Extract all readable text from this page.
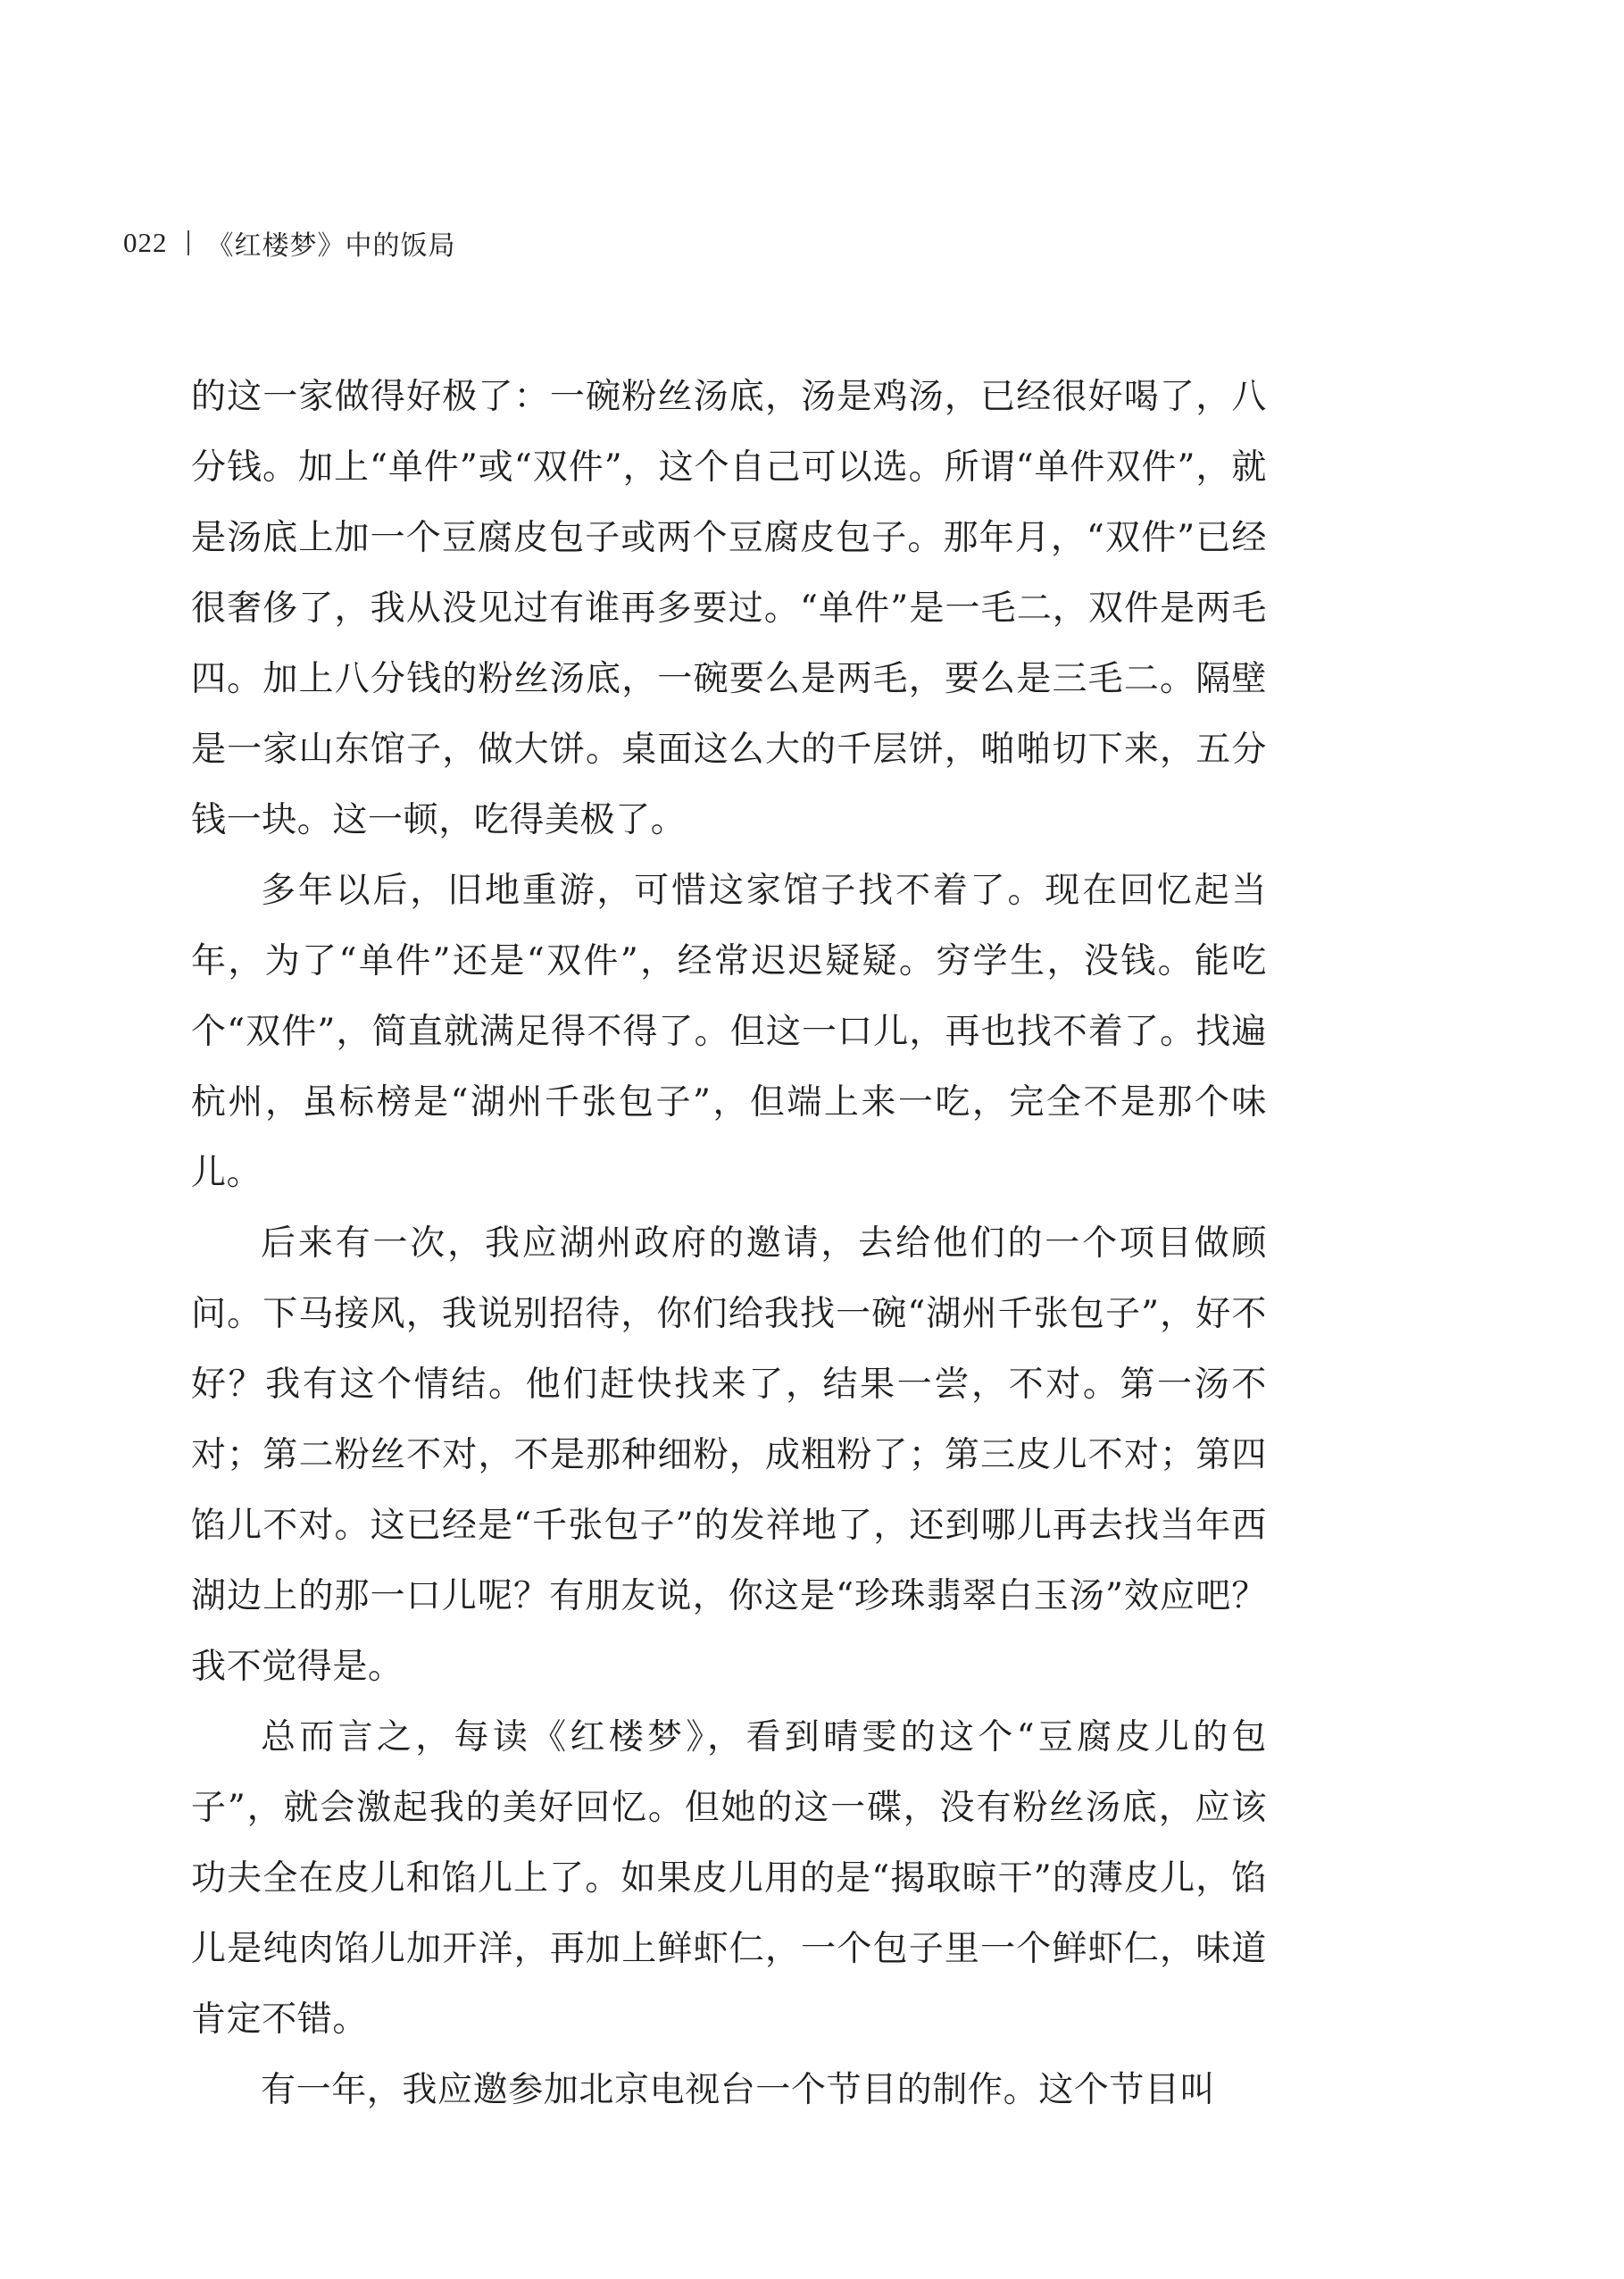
022 《红楼梦》中的饭局

的这一家做得好极了：一碗粉丝汤底，汤是鸡汤，已经很好喝了，八分钱。加上“单件”或“双件”，这个自己可以选。所谓“单件双件”，就是汤底上加一个豆腐皮包子或两个豆腐皮包子。那年月，“双件”已经很奢侈了，我从没见过有谁再多要过。“单件”是一毛二，双件是两毛四。加上八分钱的粉丝汤底，一碗要么是两毛，要么是三毛二。隔壁是一家山东馆子，做大饼。桌面这么大的千层饼，啪啪切下来，五分钱一块。这一顿，吃得美极了。

多年以后，旧地重游，可惜这家馆子找不着了。现在回忆起当年，为了“单件”还是“双件”，经常迟迟疑疑。穷学生，没钱。能吃个“双件”，简直就满足得不得了。但这一口儿，再也找不着了。找遍杭州，虽标榜是“湖州千张包子”，但端上来一吃，完全不是那个味儿。

后来有一次，我应湖州政府的邀请，去给他们的一个项目做顾问。下马接风，我说别招待，你们给我找一碗“湖州千张包子”，好不好？我有这个情结。他们赶快找来了，结果一尝，不对。第一汤不对；第二粉丝不对，不是那种细粉，成粗粉了；第三皮儿不对；第四馅儿不对。这已经是“千张包子”的发祥地了，还到哪儿再去找当年西湖边上的那一口儿呢？有朋友说，你这是“珍珠翡翠白玉汤”效应吧？我不觉得是。

总而言之，每读《红楼梦》，看到晴雯的这个“豆腐皮儿的包子”，就会激起我的美好回忆。但她的这一碟，没有粉丝汤底，应该功夫全在皮儿和馅儿上了。如果皮儿用的是“揭取晾干”的薄皮儿，馅儿是纯肉馅儿加开洋，再加上鲜虾仁，一个包子里一个鲜虾仁，味道肯定不错。

有一年，我应邀参加北京电视台一个节目的制作。这个节目叫
